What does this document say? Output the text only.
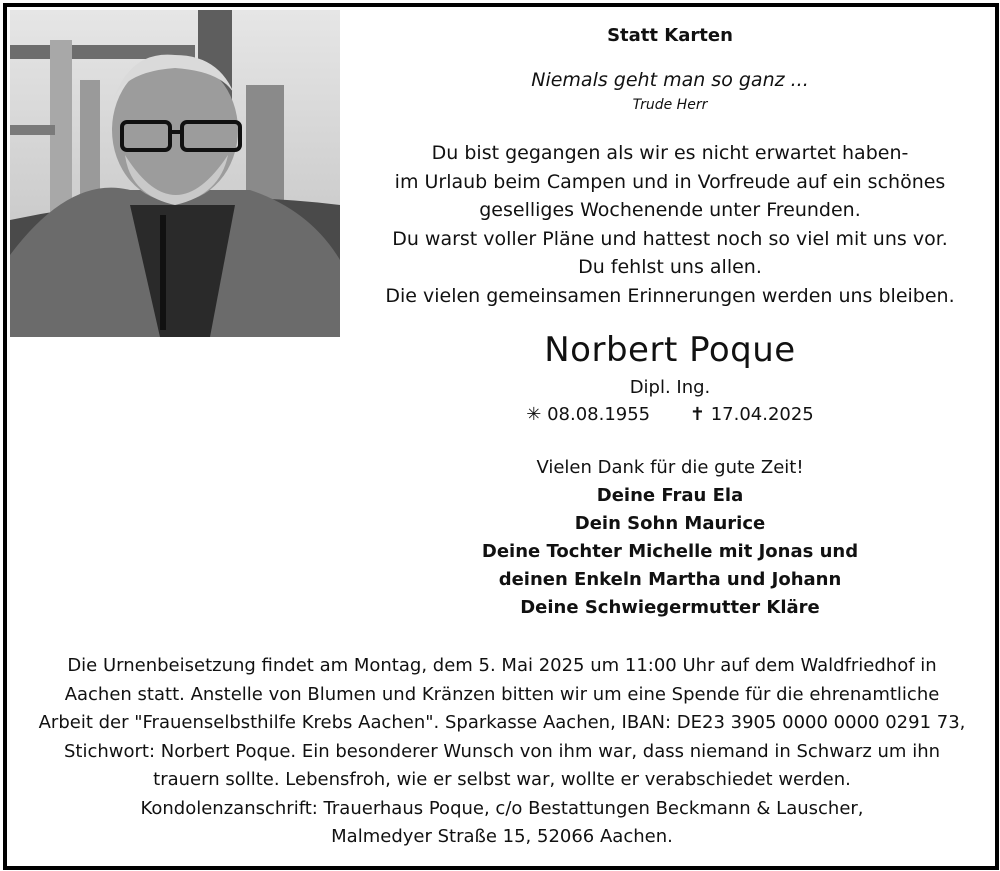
Statt Karten
Niemals geht man so ganz ...
Trude Herr
Du bist gegangen als wir es nicht erwartet haben-
im Urlaub beim Campen und in Vorfreude auf ein schönes
geselliges Wochenende unter Freunden.
Du warst voller Pläne und hattest noch so viel mit uns vor.
Du fehlst uns allen.
Die vielen gemeinsamen Erinnerungen werden uns bleiben.
Norbert Poque
Dipl. Ing.
✳ 08.08.1955 ✝ 17.04.2025
Vielen Dank für die gute Zeit!
Deine Frau Ela
Dein Sohn Maurice
Deine Tochter Michelle mit Jonas und
deinen Enkeln Martha und Johann
Deine Schwiegermutter Kläre
Die Urnenbeisetzung findet am Montag, dem 5. Mai 2025 um 11:00 Uhr auf dem Waldfriedhof in
Aachen statt. Anstelle von Blumen und Kränzen bitten wir um eine Spende für die ehrenamtliche
Arbeit der "Frauenselbsthilfe Krebs Aachen". Sparkasse Aachen, IBAN: DE23 3905 0000 0000 0291 73,
Stichwort: Norbert Poque. Ein besonderer Wunsch von ihm war, dass niemand in Schwarz um ihn
trauern sollte. Lebensfroh, wie er selbst war, wollte er verabschiedet werden.
Kondolenzanschrift: Trauerhaus Poque, c/o Bestattungen Beckmann & Lauscher,
Malmedyer Straße 15, 52066 Aachen.
